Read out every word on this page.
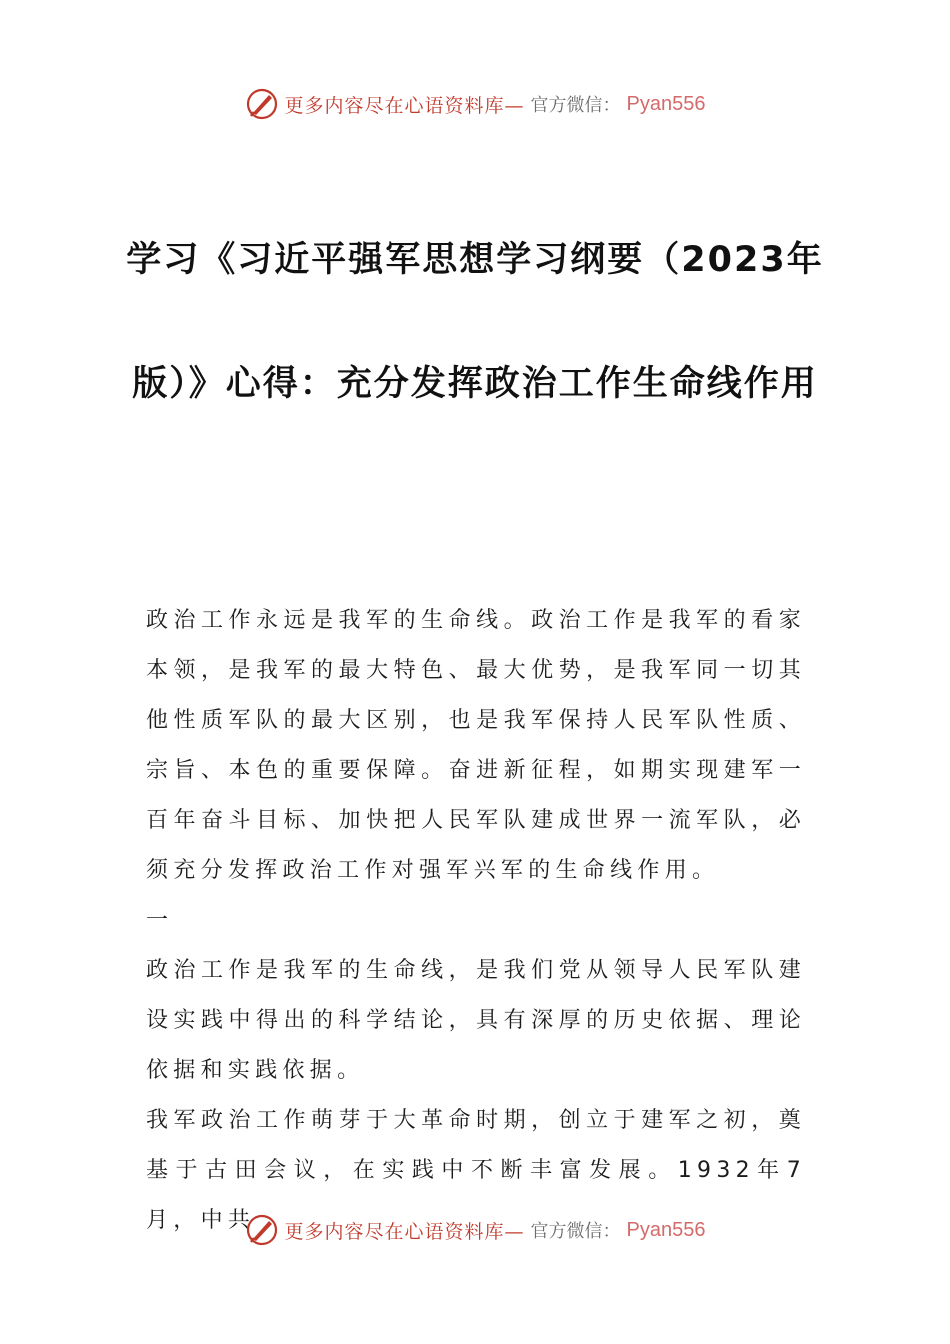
更多内容尽在心语资料库— 官方微信： Pyan556
学习《习近平强军思想学习纲要（2023年版）》心得：充分发挥政治工作生命线作用

政治工作永远是我军的生命线。政治工作是我军的看家本领，是我军的最大特色、最大优势，是我军同一切其他性质军队的最大区别，也是我军保持人民军队性质、宗旨、本色的重要保障。奋进新征程，如期实现建军一百年奋斗目标、加快把人民军队建成世界一流军队，必须充分发挥政治工作对强军兴军的生命线作用。

一

政治工作是我军的生命线，是我们党从领导人民军队建设实践中得出的科学结论，具有深厚的历史依据、理论依据和实践依据。

我军政治工作萌芽于大革命时期，创立于建军之初，奠基于古田会议，在实践中不断丰富发展。1932年7月，中共	更多内容尽在心语资料库— 官方微信： Pyan556
